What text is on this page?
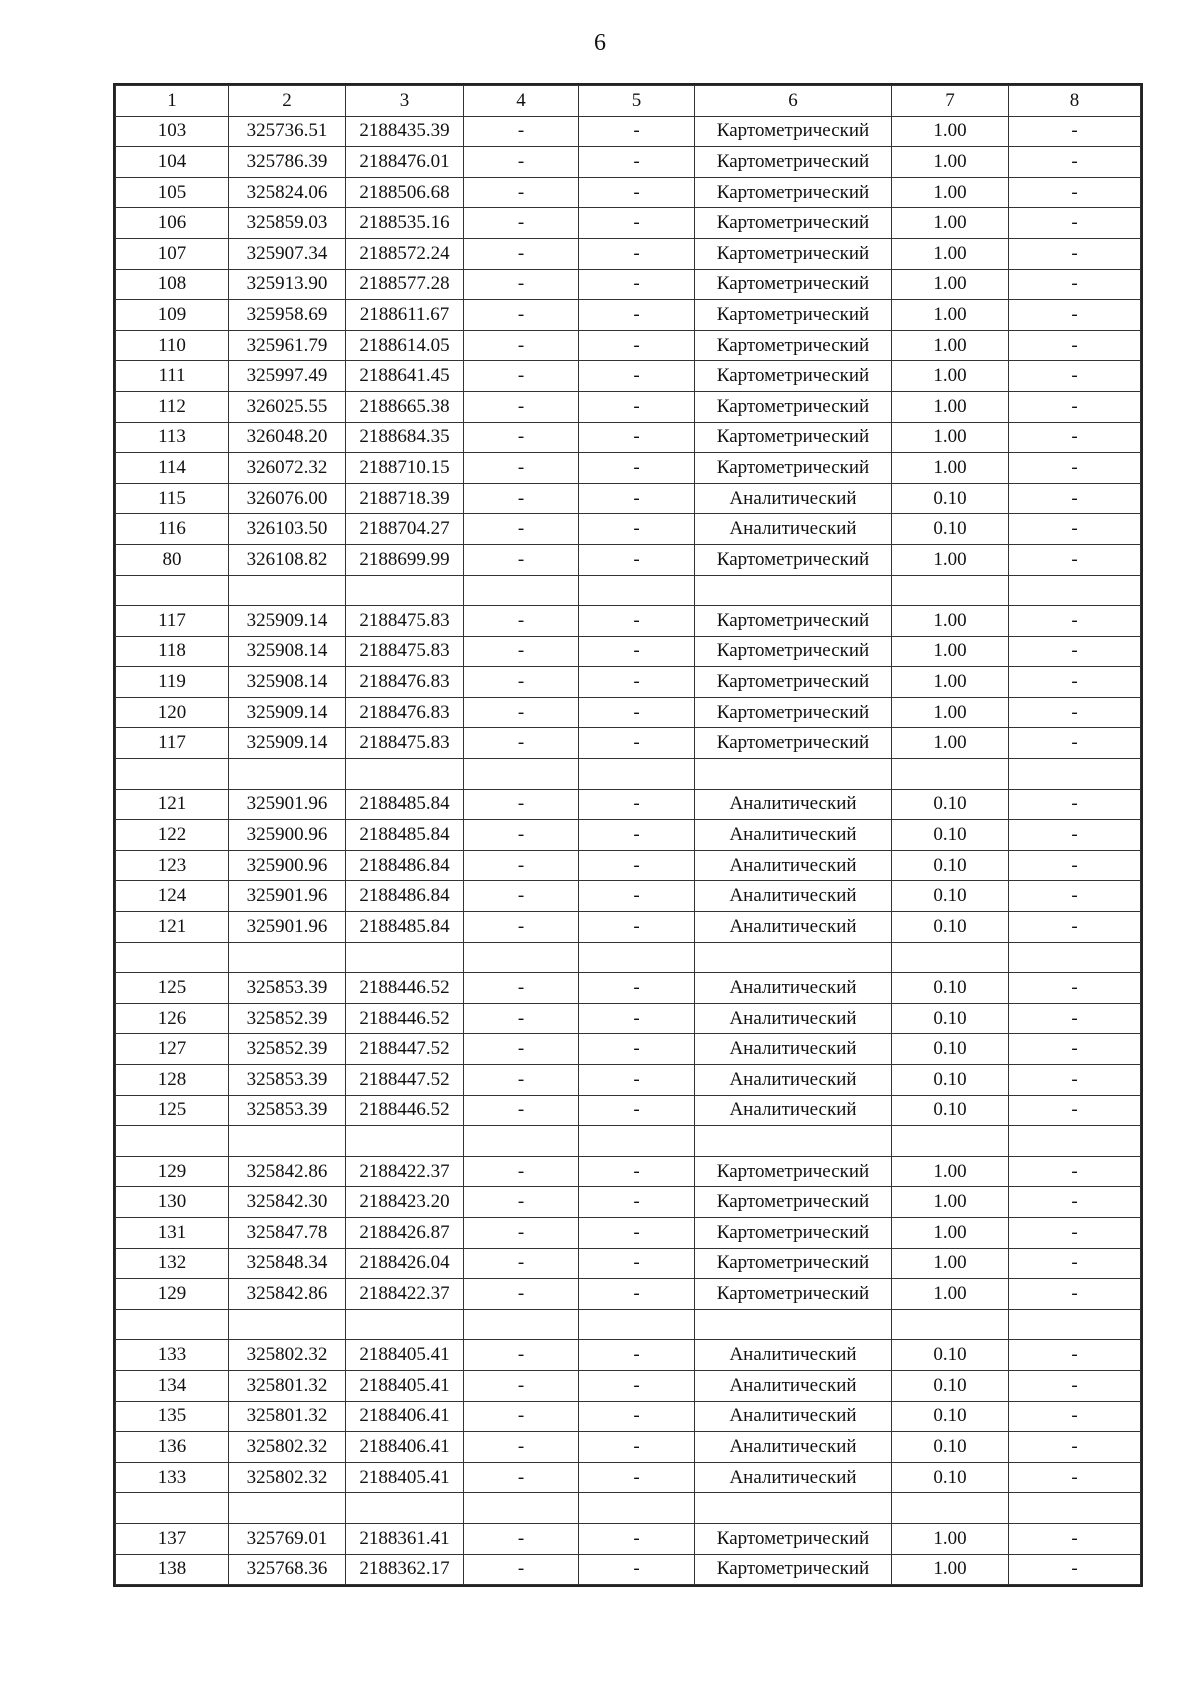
6
1	2	3	4	5	6	7	8
103	325736.51	2188435.39	-	-	Картометрический	1.00	-
104	325786.39	2188476.01	-	-	Картометрический	1.00	-
105	325824.06	2188506.68	-	-	Картометрический	1.00	-
106	325859.03	2188535.16	-	-	Картометрический	1.00	-
107	325907.34	2188572.24	-	-	Картометрический	1.00	-
108	325913.90	2188577.28	-	-	Картометрический	1.00	-
109	325958.69	2188611.67	-	-	Картометрический	1.00	-
110	325961.79	2188614.05	-	-	Картометрический	1.00	-
111	325997.49	2188641.45	-	-	Картометрический	1.00	-
112	326025.55	2188665.38	-	-	Картометрический	1.00	-
113	326048.20	2188684.35	-	-	Картометрический	1.00	-
114	326072.32	2188710.15	-	-	Картометрический	1.00	-
115	326076.00	2188718.39	-	-	Аналитический	0.10	-
116	326103.50	2188704.27	-	-	Аналитический	0.10	-
80	326108.82	2188699.99	-	-	Картометрический	1.00	-

117	325909.14	2188475.83	-	-	Картометрический	1.00	-
118	325908.14	2188475.83	-	-	Картометрический	1.00	-
119	325908.14	2188476.83	-	-	Картометрический	1.00	-
120	325909.14	2188476.83	-	-	Картометрический	1.00	-
117	325909.14	2188475.83	-	-	Картометрический	1.00	-

121	325901.96	2188485.84	-	-	Аналитический	0.10	-
122	325900.96	2188485.84	-	-	Аналитический	0.10	-
123	325900.96	2188486.84	-	-	Аналитический	0.10	-
124	325901.96	2188486.84	-	-	Аналитический	0.10	-
121	325901.96	2188485.84	-	-	Аналитический	0.10	-

125	325853.39	2188446.52	-	-	Аналитический	0.10	-
126	325852.39	2188446.52	-	-	Аналитический	0.10	-
127	325852.39	2188447.52	-	-	Аналитический	0.10	-
128	325853.39	2188447.52	-	-	Аналитический	0.10	-
125	325853.39	2188446.52	-	-	Аналитический	0.10	-

129	325842.86	2188422.37	-	-	Картометрический	1.00	-
130	325842.30	2188423.20	-	-	Картометрический	1.00	-
131	325847.78	2188426.87	-	-	Картометрический	1.00	-
132	325848.34	2188426.04	-	-	Картометрический	1.00	-
129	325842.86	2188422.37	-	-	Картометрический	1.00	-

133	325802.32	2188405.41	-	-	Аналитический	0.10	-
134	325801.32	2188405.41	-	-	Аналитический	0.10	-
135	325801.32	2188406.41	-	-	Аналитический	0.10	-
136	325802.32	2188406.41	-	-	Аналитический	0.10	-
133	325802.32	2188405.41	-	-	Аналитический	0.10	-

137	325769.01	2188361.41	-	-	Картометрический	1.00	-
138	325768.36	2188362.17	-	-	Картометрический	1.00	-
